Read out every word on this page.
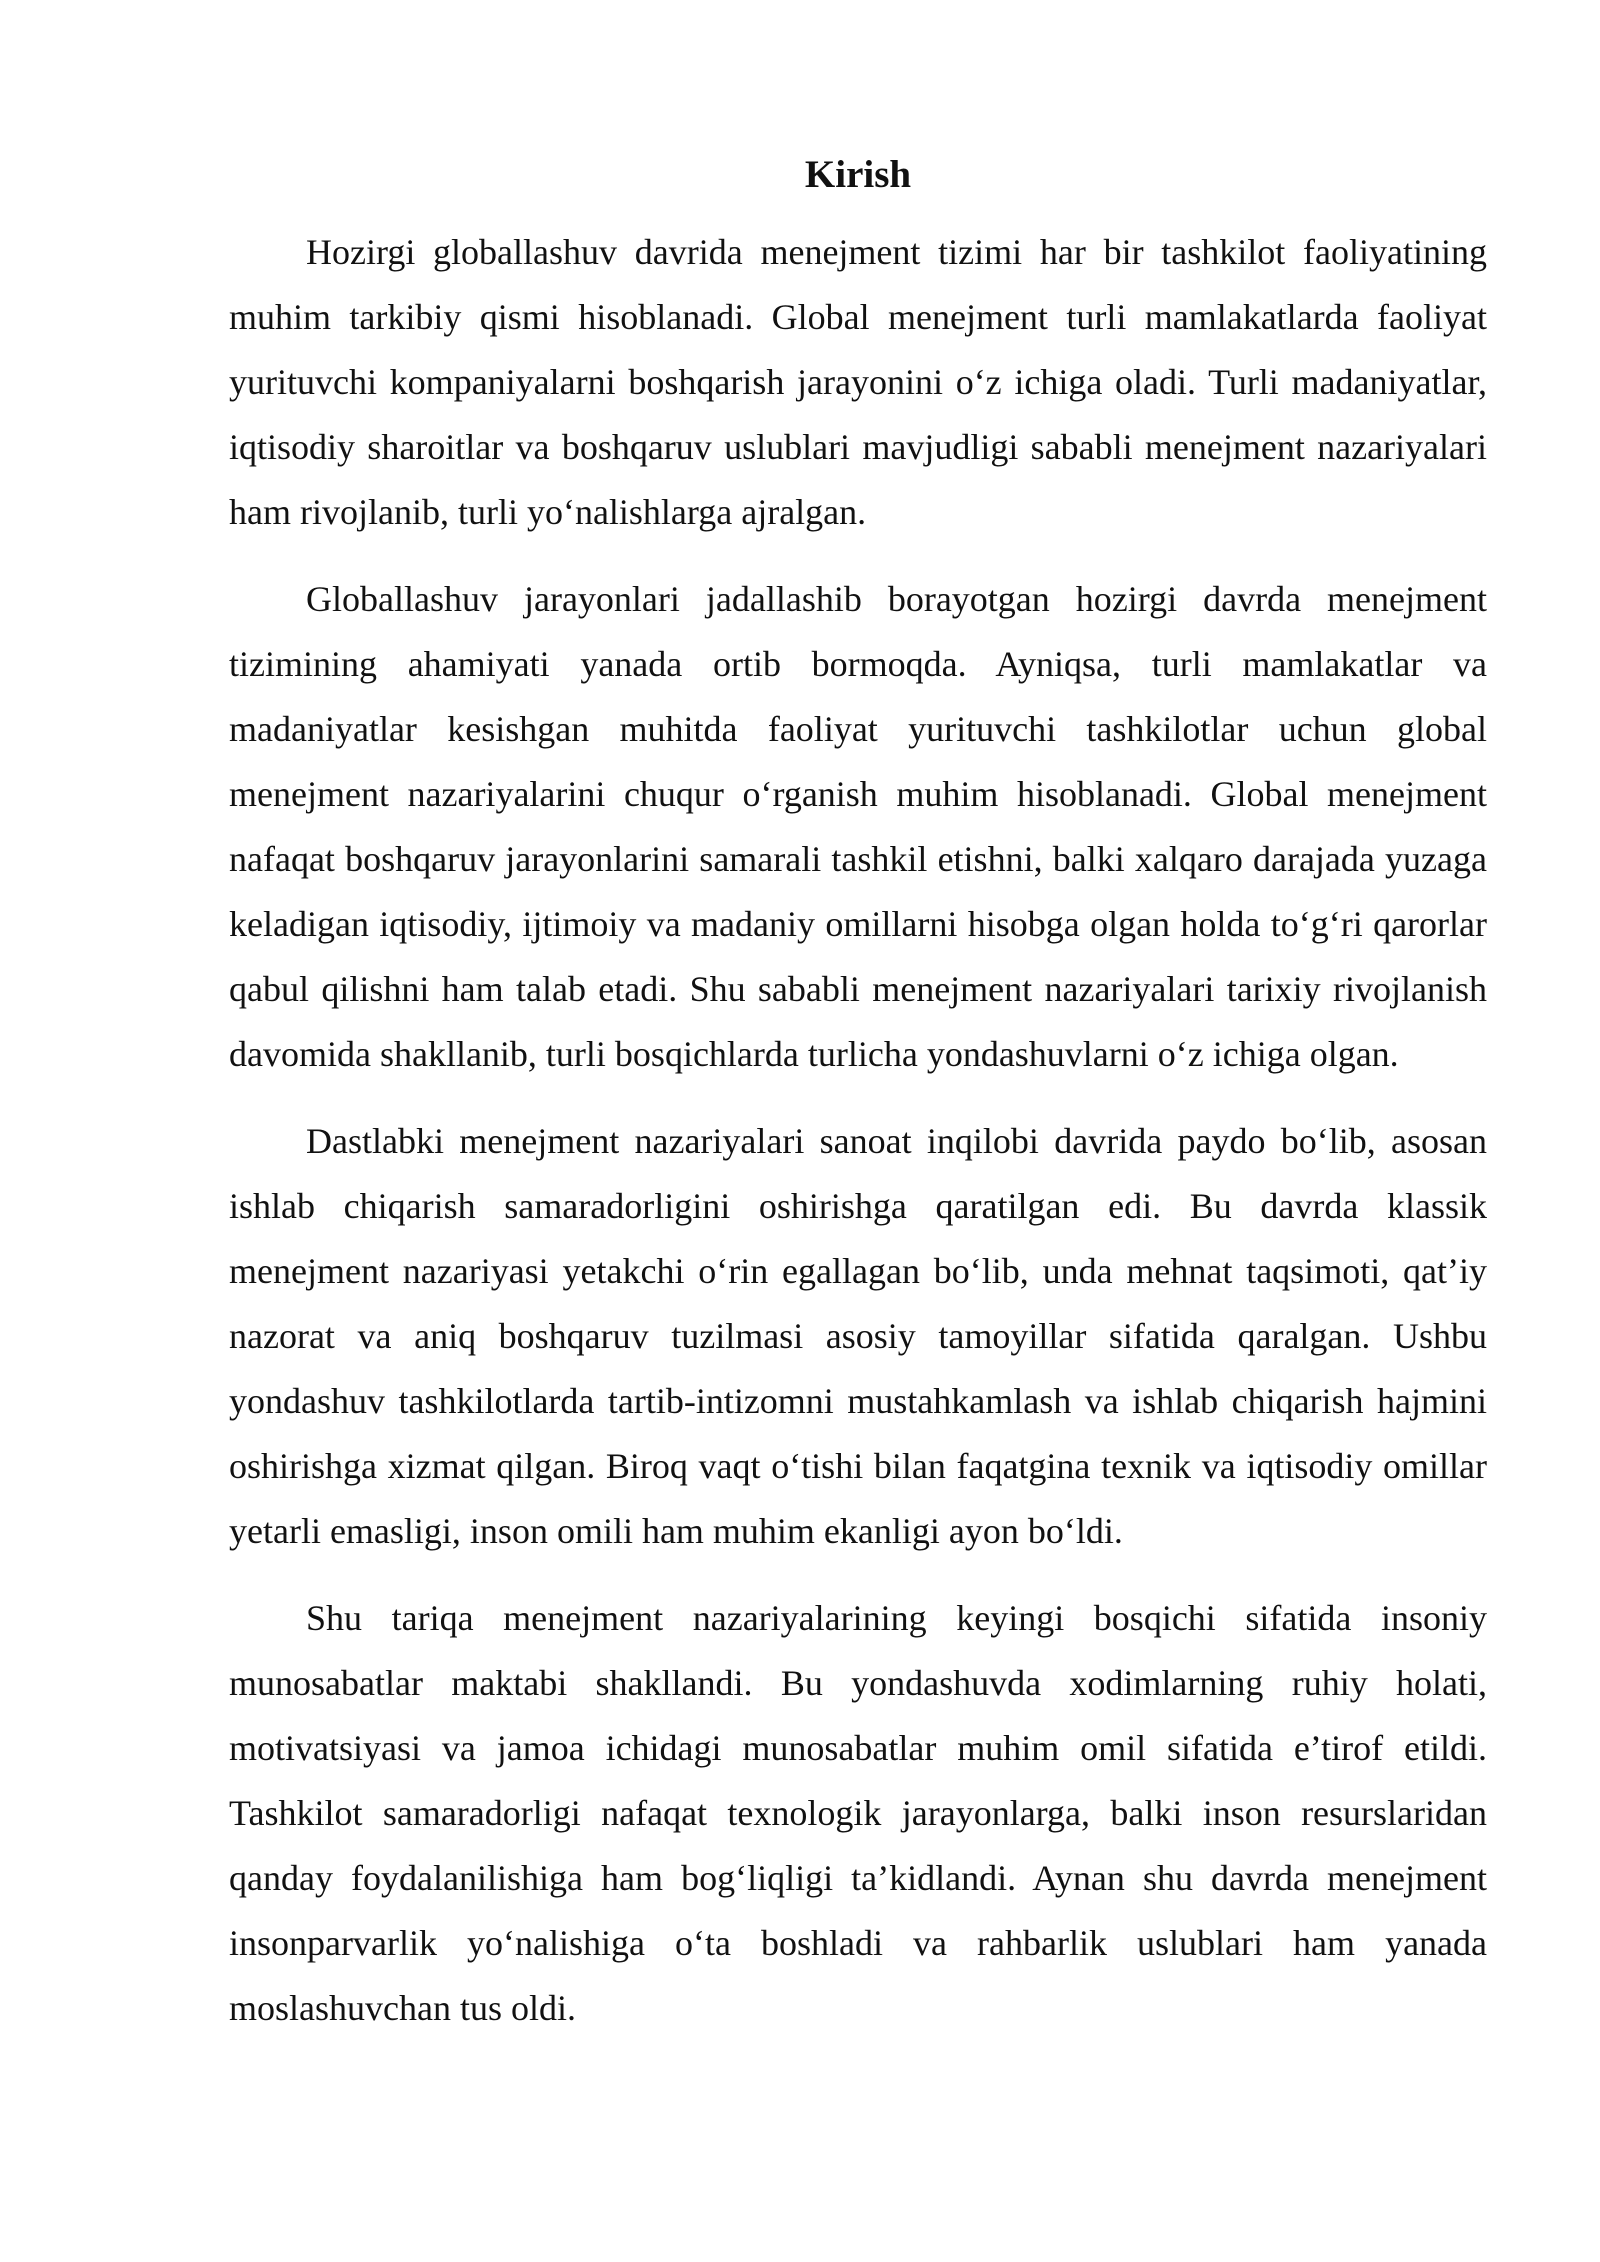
Kirish

Hozirgi globallashuv davrida menejment tizimi har bir tashkilot faoliyatining muhim tarkibiy qismi hisoblanadi. Global menejment turli mamlakatlarda faoliyat yurituvchi kompaniyalarni boshqarish jarayonini oʻz ichiga oladi. Turli madaniyatlar, iqtisodiy sharoitlar va boshqaruv uslublari mavjudligi sababli menejment nazariyalari ham rivojlanib, turli yoʻnalishlarga ajralgan.

Globallashuv jarayonlari jadallashib borayotgan hozirgi davrda menejment tizimining ahamiyati yanada ortib bormoqda. Ayniqsa, turli mamlakatlar va madaniyatlar kesishgan muhitda faoliyat yurituvchi tashkilotlar uchun global menejment nazariyalarini chuqur oʻrganish muhim hisoblanadi. Global menejment nafaqat boshqaruv jarayonlarini samarali tashkil etishni, balki xalqaro darajada yuzaga keladigan iqtisodiy, ijtimoiy va madaniy omillarni hisobga olgan holda toʻgʻri qarorlar qabul qilishni ham talab etadi. Shu sababli menejment nazariyalari tarixiy rivojlanish davomida shakllanib, turli bosqichlarda turlicha yondashuvlarni oʻz ichiga olgan.

Dastlabki menejment nazariyalari sanoat inqilobi davrida paydo boʻlib, asosan ishlab chiqarish samaradorligini oshirishga qaratilgan edi. Bu davrda klassik menejment nazariyasi yetakchi oʻrin egallagan boʻlib, unda mehnat taqsimoti, qat’iy nazorat va aniq boshqaruv tuzilmasi asosiy tamoyillar sifatida qaralgan. Ushbu yondashuv tashkilotlarda tartib-intizomni mustahkamlash va ishlab chiqarish hajmini oshirishga xizmat qilgan. Biroq vaqt oʻtishi bilan faqatgina texnik va iqtisodiy omillar yetarli emasligi, inson omili ham muhim ekanligi ayon boʻldi.

Shu tariqa menejment nazariyalarining keyingi bosqichi sifatida insoniy munosabatlar maktabi shakllandi. Bu yondashuvda xodimlarning ruhiy holati, motivatsiyasi va jamoa ichidagi munosabatlar muhim omil sifatida e’tirof etildi. Tashkilot samaradorligi nafaqat texnologik jarayonlarga, balki inson resurslaridan qanday foydalanilishiga ham bogʻliqligi ta’kidlandi. Aynan shu davrda menejment insonparvarlik yoʻnalishiga oʻta boshladi va rahbarlik uslublari ham yanada moslashuvchan tus oldi.
